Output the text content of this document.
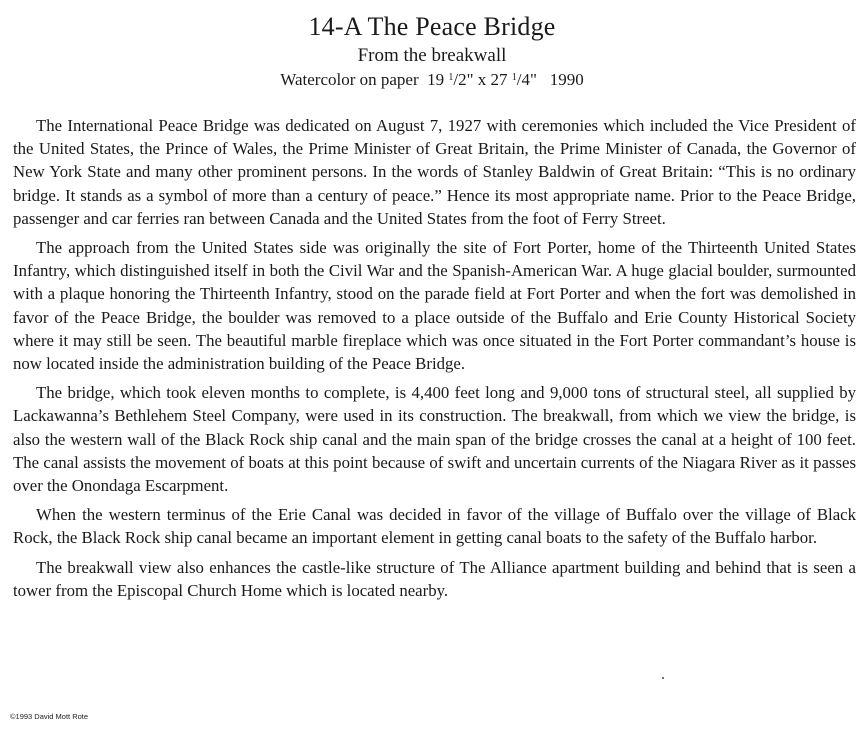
14-A The Peace Bridge
From the breakwall
Watercolor on paper 19 $^1$/2" x 27 $^1$/4" 1990

The International Peace Bridge was dedicated on August 7, 1927 with ceremonies which included the Vice President of the United States, the Prince of Wales, the Prime Minister of Great Britain, the Prime Minister of Canada, the Governor of New York State and many other prominent persons. In the words of Stanley Baldwin of Great Britain: “This is no ordinary bridge. It stands as a symbol of more than a century of peace.” Hence its most appropriate name. Prior to the Peace Bridge, passenger and car ferries ran between Canada and the United States from the foot of Ferry Street.

The approach from the United States side was originally the site of Fort Porter, home of the Thirteenth United States Infantry, which distinguished itself in both the Civil War and the Spanish-American War. A huge glacial boulder, surmounted with a plaque honoring the Thirteenth Infantry, stood on the parade field at Fort Porter and when the fort was demolished in favor of the Peace Bridge, the boulder was removed to a place outside of the Buffalo and Erie County Historical Society where it may still be seen. The beautiful marble fireplace which was once situated in the Fort Porter commandant’s house is now located inside the administration building of the Peace Bridge.

The bridge, which took eleven months to complete, is 4,400 feet long and 9,000 tons of structural steel, all supplied by Lackawanna’s Bethlehem Steel Company, were used in its construction. The breakwall, from which we view the bridge, is also the western wall of the Black Rock ship canal and the main span of the bridge crosses the canal at a height of 100 feet. The canal assists the movement of boats at this point because of swift and uncertain currents of the Niagara River as it passes over the Onondaga Escarpment.

When the western terminus of the Erie Canal was decided in favor of the village of Buffalo over the village of Black Rock, the Black Rock ship canal became an important element in getting canal boats to the safety of the Buffalo harbor.

The breakwall view also enhances the castle-like structure of The Alliance apartment building and behind that is seen a tower from the Episcopal Church Home which is located nearby.

©1993 David Mott Rote
